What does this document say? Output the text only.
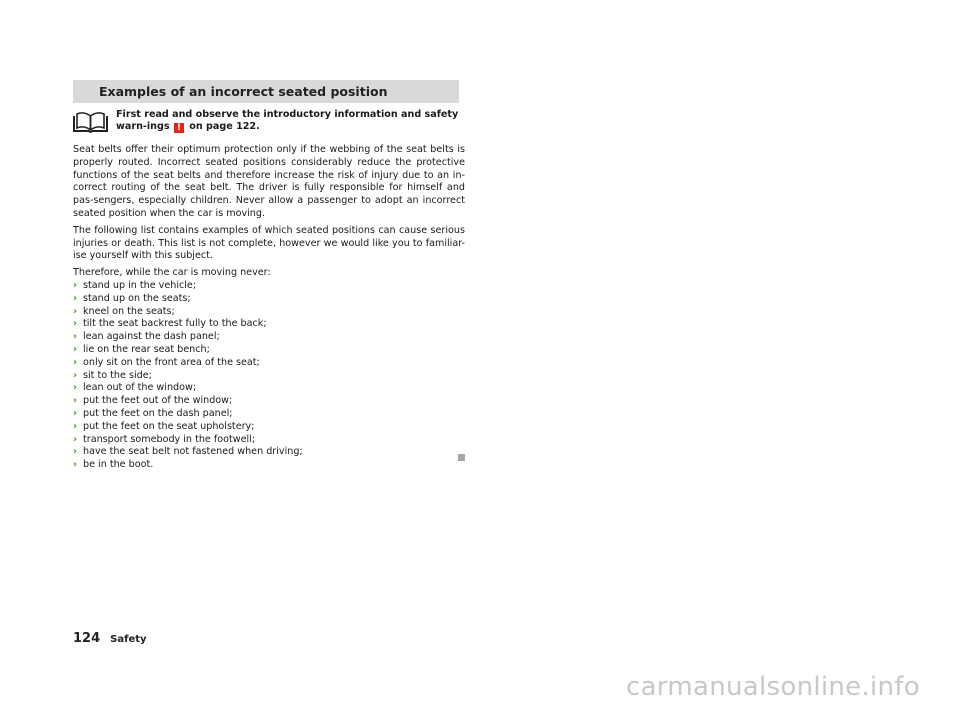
Examples of an incorrect seated position
First read and observe the introductory information and safety warn-ings ! on page 122.

Seat belts offer their optimum protection only if the webbing of the seat belts is properly routed. Incorrect seated positions considerably reduce the protective functions of the seat belts and therefore increase the risk of injury due to an in-correct routing of the seat belt. The driver is fully responsible for himself and pas-sengers, especially children. Never allow a passenger to adopt an incorrect seated position when the car is moving.

The following list contains examples of which seated positions can cause serious injuries or death. This list is not complete, however we would like you to familiar-ise yourself with this subject.

Therefore, while the car is moving never:

› stand up in the vehicle;
› stand up on the seats;
› kneel on the seats;
› tilt the seat backrest fully to the back;
› lean against the dash panel;
› lie on the rear seat bench;
› only sit on the front area of the seat;
› sit to the side;
› lean out of the window;
› put the feet out of the window;
› put the feet on the dash panel;
› put the feet on the seat upholstery;
› transport somebody in the footwell;
› have the seat belt not fastened when driving;
› be in the boot.
124 Safety
carmanualsonline.info
